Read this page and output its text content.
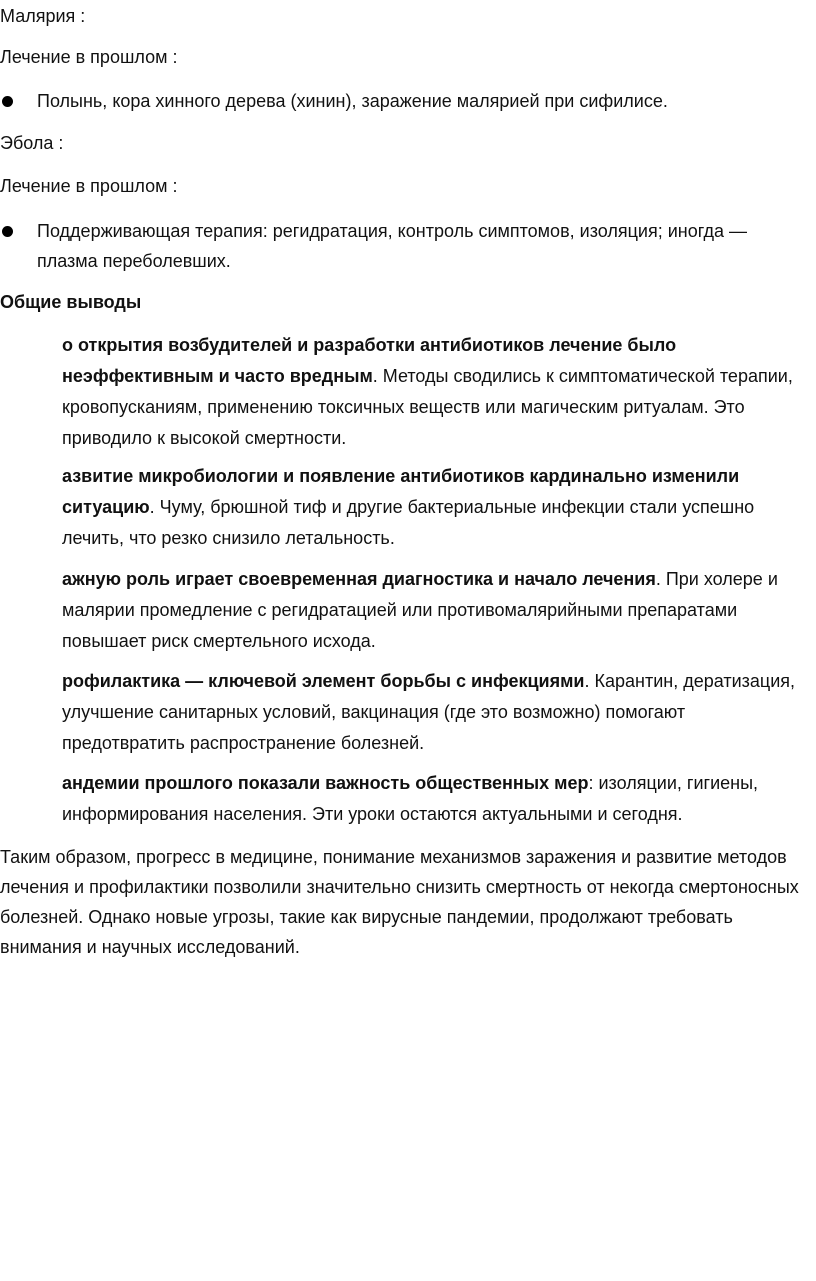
Малярия :
Лечение в прошлом :

Полынь, кора хинного дерева (хинин), заражение малярией при сифилисе.

Эбола :
Лечение в прошлом :

Поддерживающая терапия: регидратация, контроль симптомов, изоляция; иногда — плазма переболевших.

Общие выводы

о открытия возбудителей и разработки антибиотиков лечение было неэффективным и часто вредным. Методы сводились к симптоматической терапии, кровопусканиям, применению токсичных веществ или магическим ритуалам. Это приводило к высокой смертности.

азвитие микробиологии и появление антибиотиков кардинально изменили ситуацию. Чуму, брюшной тиф и другие бактериальные инфекции стали успешно лечить, что резко снизило летальность.

ажную роль играет своевременная диагностика и начало лечения. При холере и малярии промедление с регидратацией или противомалярийными препаратами повышает риск смертельного исхода.

рофилактика — ключевой элемент борьбы с инфекциями. Карантин, дератизация, улучшение санитарных условий, вакцинация (где это возможно) помогают предотвратить распространение болезней.

андемии прошлого показали важность общественных мер: изоляции, гигиены, информирования населения. Эти уроки остаются актуальными и сегодня.

Таким образом, прогресс в медицине, понимание механизмов заражения и развитие методов лечения и профилактики позволили значительно снизить смертность от некогда смертоносных болезней. Однако новые угрозы, такие как вирусные пандемии, продолжают требовать внимания и научных исследований.
